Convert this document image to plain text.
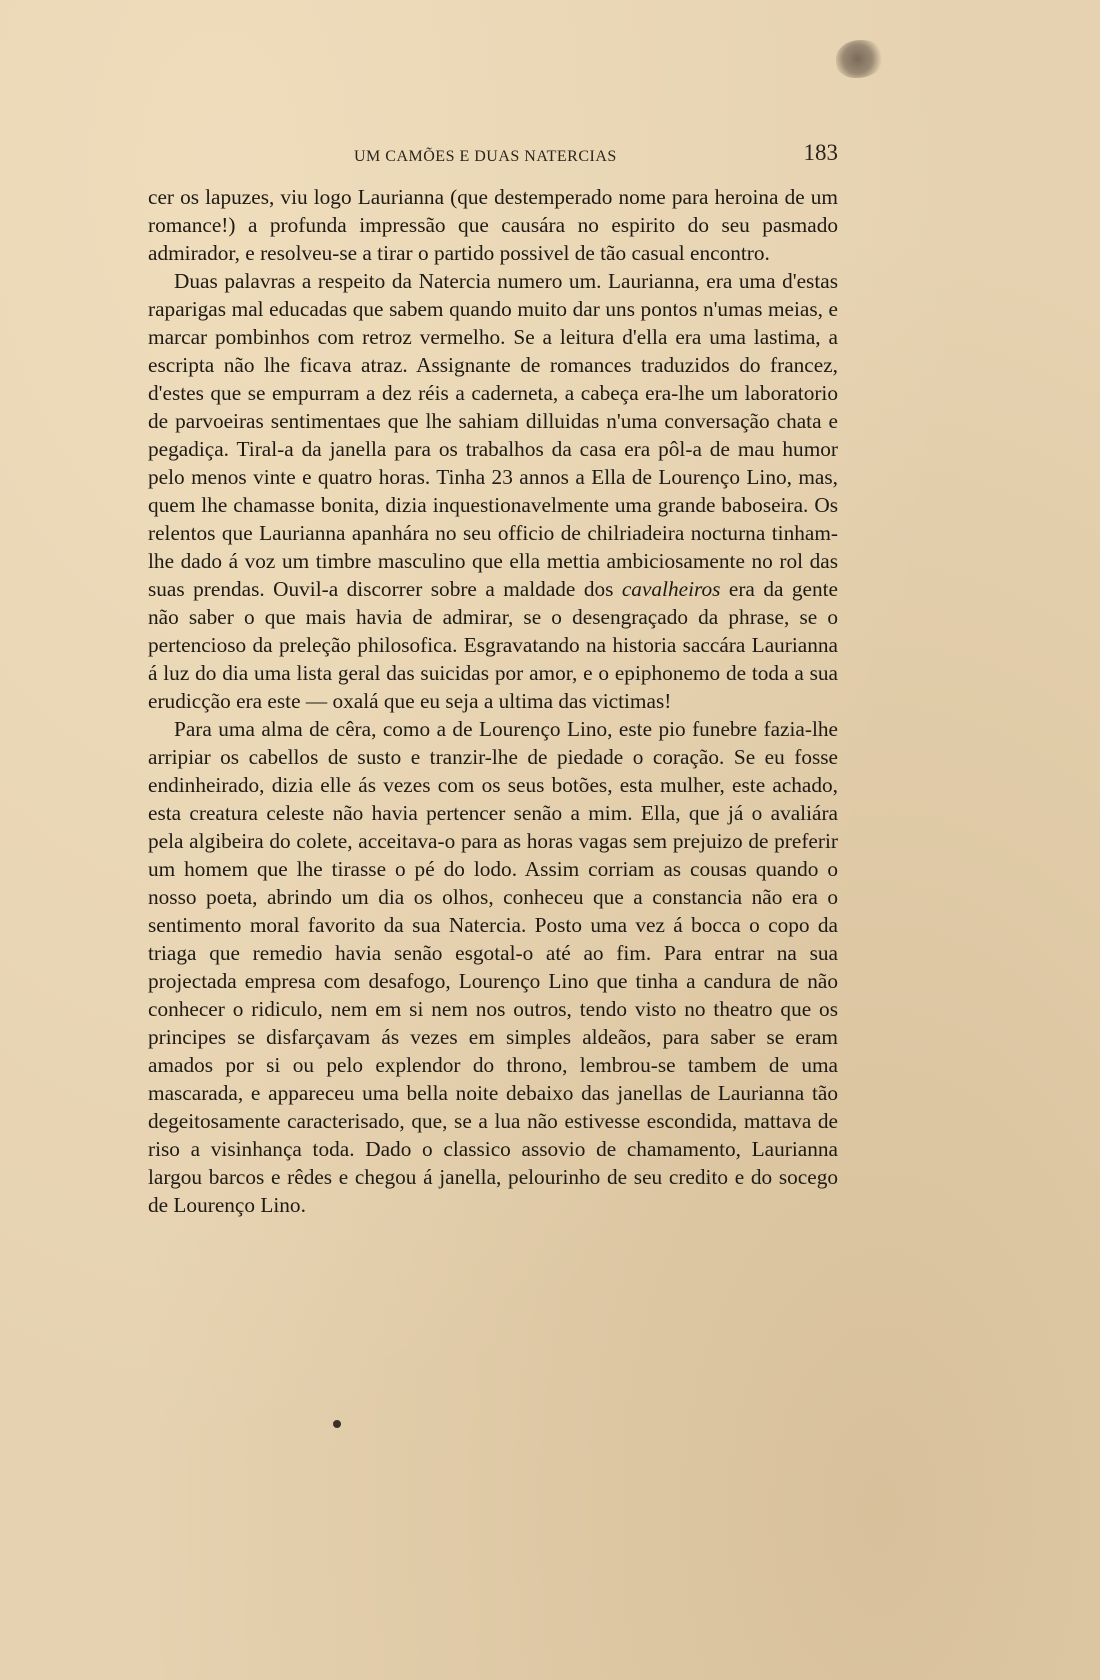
UM CAMÕES E DUAS NATERCIAS	183

cer os lapuzes, viu logo Laurianna (que destemperado nome para heroina de um romance!) a profunda impressão que causára no espirito do seu pasmado admirador, e resolveu-se a tirar o partido possivel de tão casual encontro.

Duas palavras a respeito da Natercia numero um. Laurianna, era uma d'estas raparigas mal educadas que sabem quando muito dar uns pontos n'umas meias, e marcar pombinhos com retroz vermelho. Se a leitura d'ella era uma lastima, a escripta não lhe ficava atraz. Assignante de romances traduzidos do francez, d'estes que se empurram a dez réis a caderneta, a cabeça era-lhe um laboratorio de parvoeiras sentimentaes que lhe sahiam dilluidas n'uma conversação chata e pegadiça. Tiral-a da janella para os trabalhos da casa era pôl-a de mau humor pelo menos vinte e quatro horas. Tinha 23 annos a Ella de Lourenço Lino, mas, quem lhe chamasse bonita, dizia inquestionavelmente uma grande baboseira. Os relentos que Laurianna apanhára no seu officio de chilriadeira nocturna tinham-lhe dado á voz um timbre masculino que ella mettia ambiciosamente no rol das suas prendas. Ouvil-a discorrer sobre a maldade dos cavalheiros era da gente não saber o que mais havia de admirar, se o desengraçado da phrase, se o pertencioso da preleção philosofica. Esgravatando na historia saccára Laurianna á luz do dia uma lista geral das suicidas por amor, e o epiphonemo de toda a sua erudicção era este — oxalá que eu seja a ultima das victimas!

Para uma alma de cêra, como a de Lourenço Lino, este pio funebre fazia-lhe arripiar os cabellos de susto e tranzir-lhe de piedade o coração. Se eu fosse endinheirado, dizia elle ás vezes com os seus botões, esta mulher, este achado, esta creatura celeste não havia pertencer senão a mim. Ella, que já o avaliára pela algibeira do colete, acceitava-o para as horas vagas sem prejuizo de preferir um homem que lhe tirasse o pé do lodo. Assim corriam as cousas quando o nosso poeta, abrindo um dia os olhos, conheceu que a constancia não era o sentimento moral favorito da sua Natercia. Posto uma vez á bocca o copo da triaga que remedio havia senão esgotal-o até ao fim. Para entrar na sua projectada empresa com desafogo, Lourenço Lino que tinha a candura de não conhecer o ridiculo, nem em si nem nos outros, tendo visto no theatro que os principes se disfarçavam ás vezes em simples aldeãos, para saber se eram amados por si ou pelo explendor do throno, lembrou-se tambem de uma mascarada, e appareceu uma bella noite debaixo das janellas de Laurianna tão degeitosamente caracterisado, que, se a lua não estivesse escondida, mattava de riso a visinhança toda. Dado o classico assovio de chamamento, Laurianna largou barcos e rêdes e chegou á janella, pelourinho de seu credito e do socego de Lourenço Lino.
